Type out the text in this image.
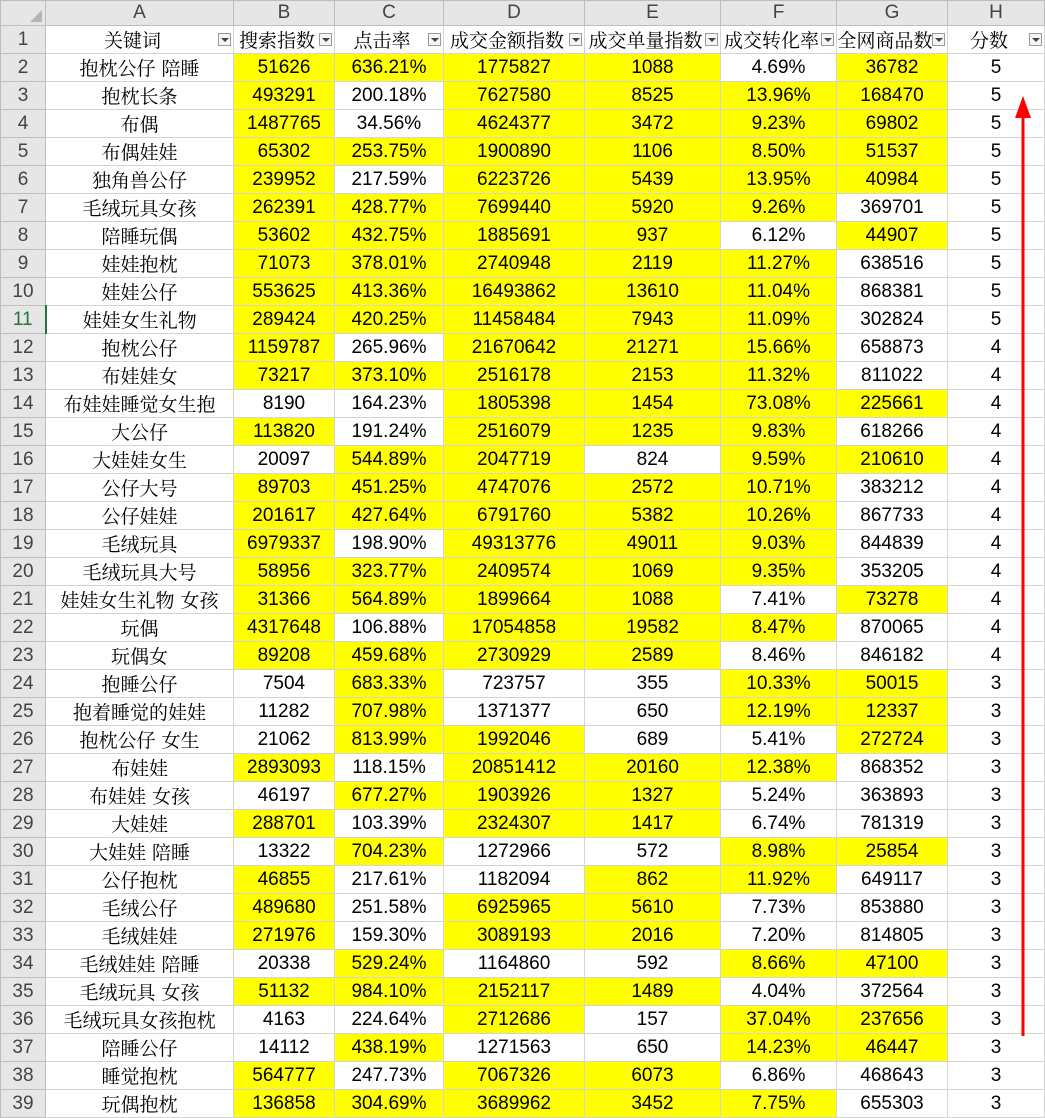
	A	B	C	D	E	F	G	H
1	关键词	搜索指数	点击率	成交金额指数	成交单量指数	成交转化率	全网商品数	分数

2	抱枕公仔 陪睡	51626	636.21%	1775827	1088	4.69%	36782	5
3	抱枕长条	493291	200.18%	7627580	8525	13.96%	168470	5
4	布偶	1487765	34.56%	4624377	3472	9.23%	69802	5
5	布偶娃娃	65302	253.75%	1900890	1106	8.50%	51537	5
6	独角兽公仔	239952	217.59%	6223726	5439	13.95%	40984	5
7	毛绒玩具女孩	262391	428.77%	7699440	5920	9.26%	369701	5
8	陪睡玩偶	53602	432.75%	1885691	937	6.12%	44907	5
9	娃娃抱枕	71073	378.01%	2740948	2119	11.27%	638516	5
10	娃娃公仔	553625	413.36%	16493862	13610	11.04%	868381	5
11	娃娃女生礼物	289424	420.25%	11458484	7943	11.09%	302824	5
12	抱枕公仔	1159787	265.96%	21670642	21271	15.66%	658873	4
13	布娃娃女	73217	373.10%	2516178	2153	11.32%	811022	4
14	布娃娃睡觉女生抱	8190	164.23%	1805398	1454	73.08%	225661	4
15	大公仔	113820	191.24%	2516079	1235	9.83%	618266	4
16	大娃娃女生	20097	544.89%	2047719	824	9.59%	210610	4
17	公仔大号	89703	451.25%	4747076	2572	10.71%	383212	4
18	公仔娃娃	201617	427.64%	6791760	5382	10.26%	867733	4
19	毛绒玩具	6979337	198.90%	49313776	49011	9.03%	844839	4
20	毛绒玩具大号	58956	323.77%	2409574	1069	9.35%	353205	4
21	娃娃女生礼物 女孩	31366	564.89%	1899664	1088	7.41%	73278	4
22	玩偶	4317648	106.88%	17054858	19582	8.47%	870065	4
23	玩偶女	89208	459.68%	2730929	2589	8.46%	846182	4
24	抱睡公仔	7504	683.33%	723757	355	10.33%	50015	3
25	抱着睡觉的娃娃	11282	707.98%	1371377	650	12.19%	12337	3
26	抱枕公仔 女生	21062	813.99%	1992046	689	5.41%	272724	3
27	布娃娃	2893093	118.15%	20851412	20160	12.38%	868352	3
28	布娃娃 女孩	46197	677.27%	1903926	1327	5.24%	363893	3
29	大娃娃	288701	103.39%	2324307	1417	6.74%	781319	3
30	大娃娃 陪睡	13322	704.23%	1272966	572	8.98%	25854	3
31	公仔抱枕	46855	217.61%	1182094	862	11.92%	649117	3
32	毛绒公仔	489680	251.58%	6925965	5610	7.73%	853880	3
33	毛绒娃娃	271976	159.30%	3089193	2016	7.20%	814805	3
34	毛绒娃娃 陪睡	20338	529.24%	1164860	592	8.66%	47100	3
35	毛绒玩具 女孩	51132	984.10%	2152117	1489	4.04%	372564	3
36	毛绒玩具女孩抱枕	4163	224.64%	2712686	157	37.04%	237656	3
37	陪睡公仔	14112	438.19%	1271563	650	14.23%	46447	3
38	睡觉抱枕	564777	247.73%	7067326	6073	6.86%	468643	3
39	玩偶抱枕	136858	304.69%	3689962	3452	7.75%	655303	3
